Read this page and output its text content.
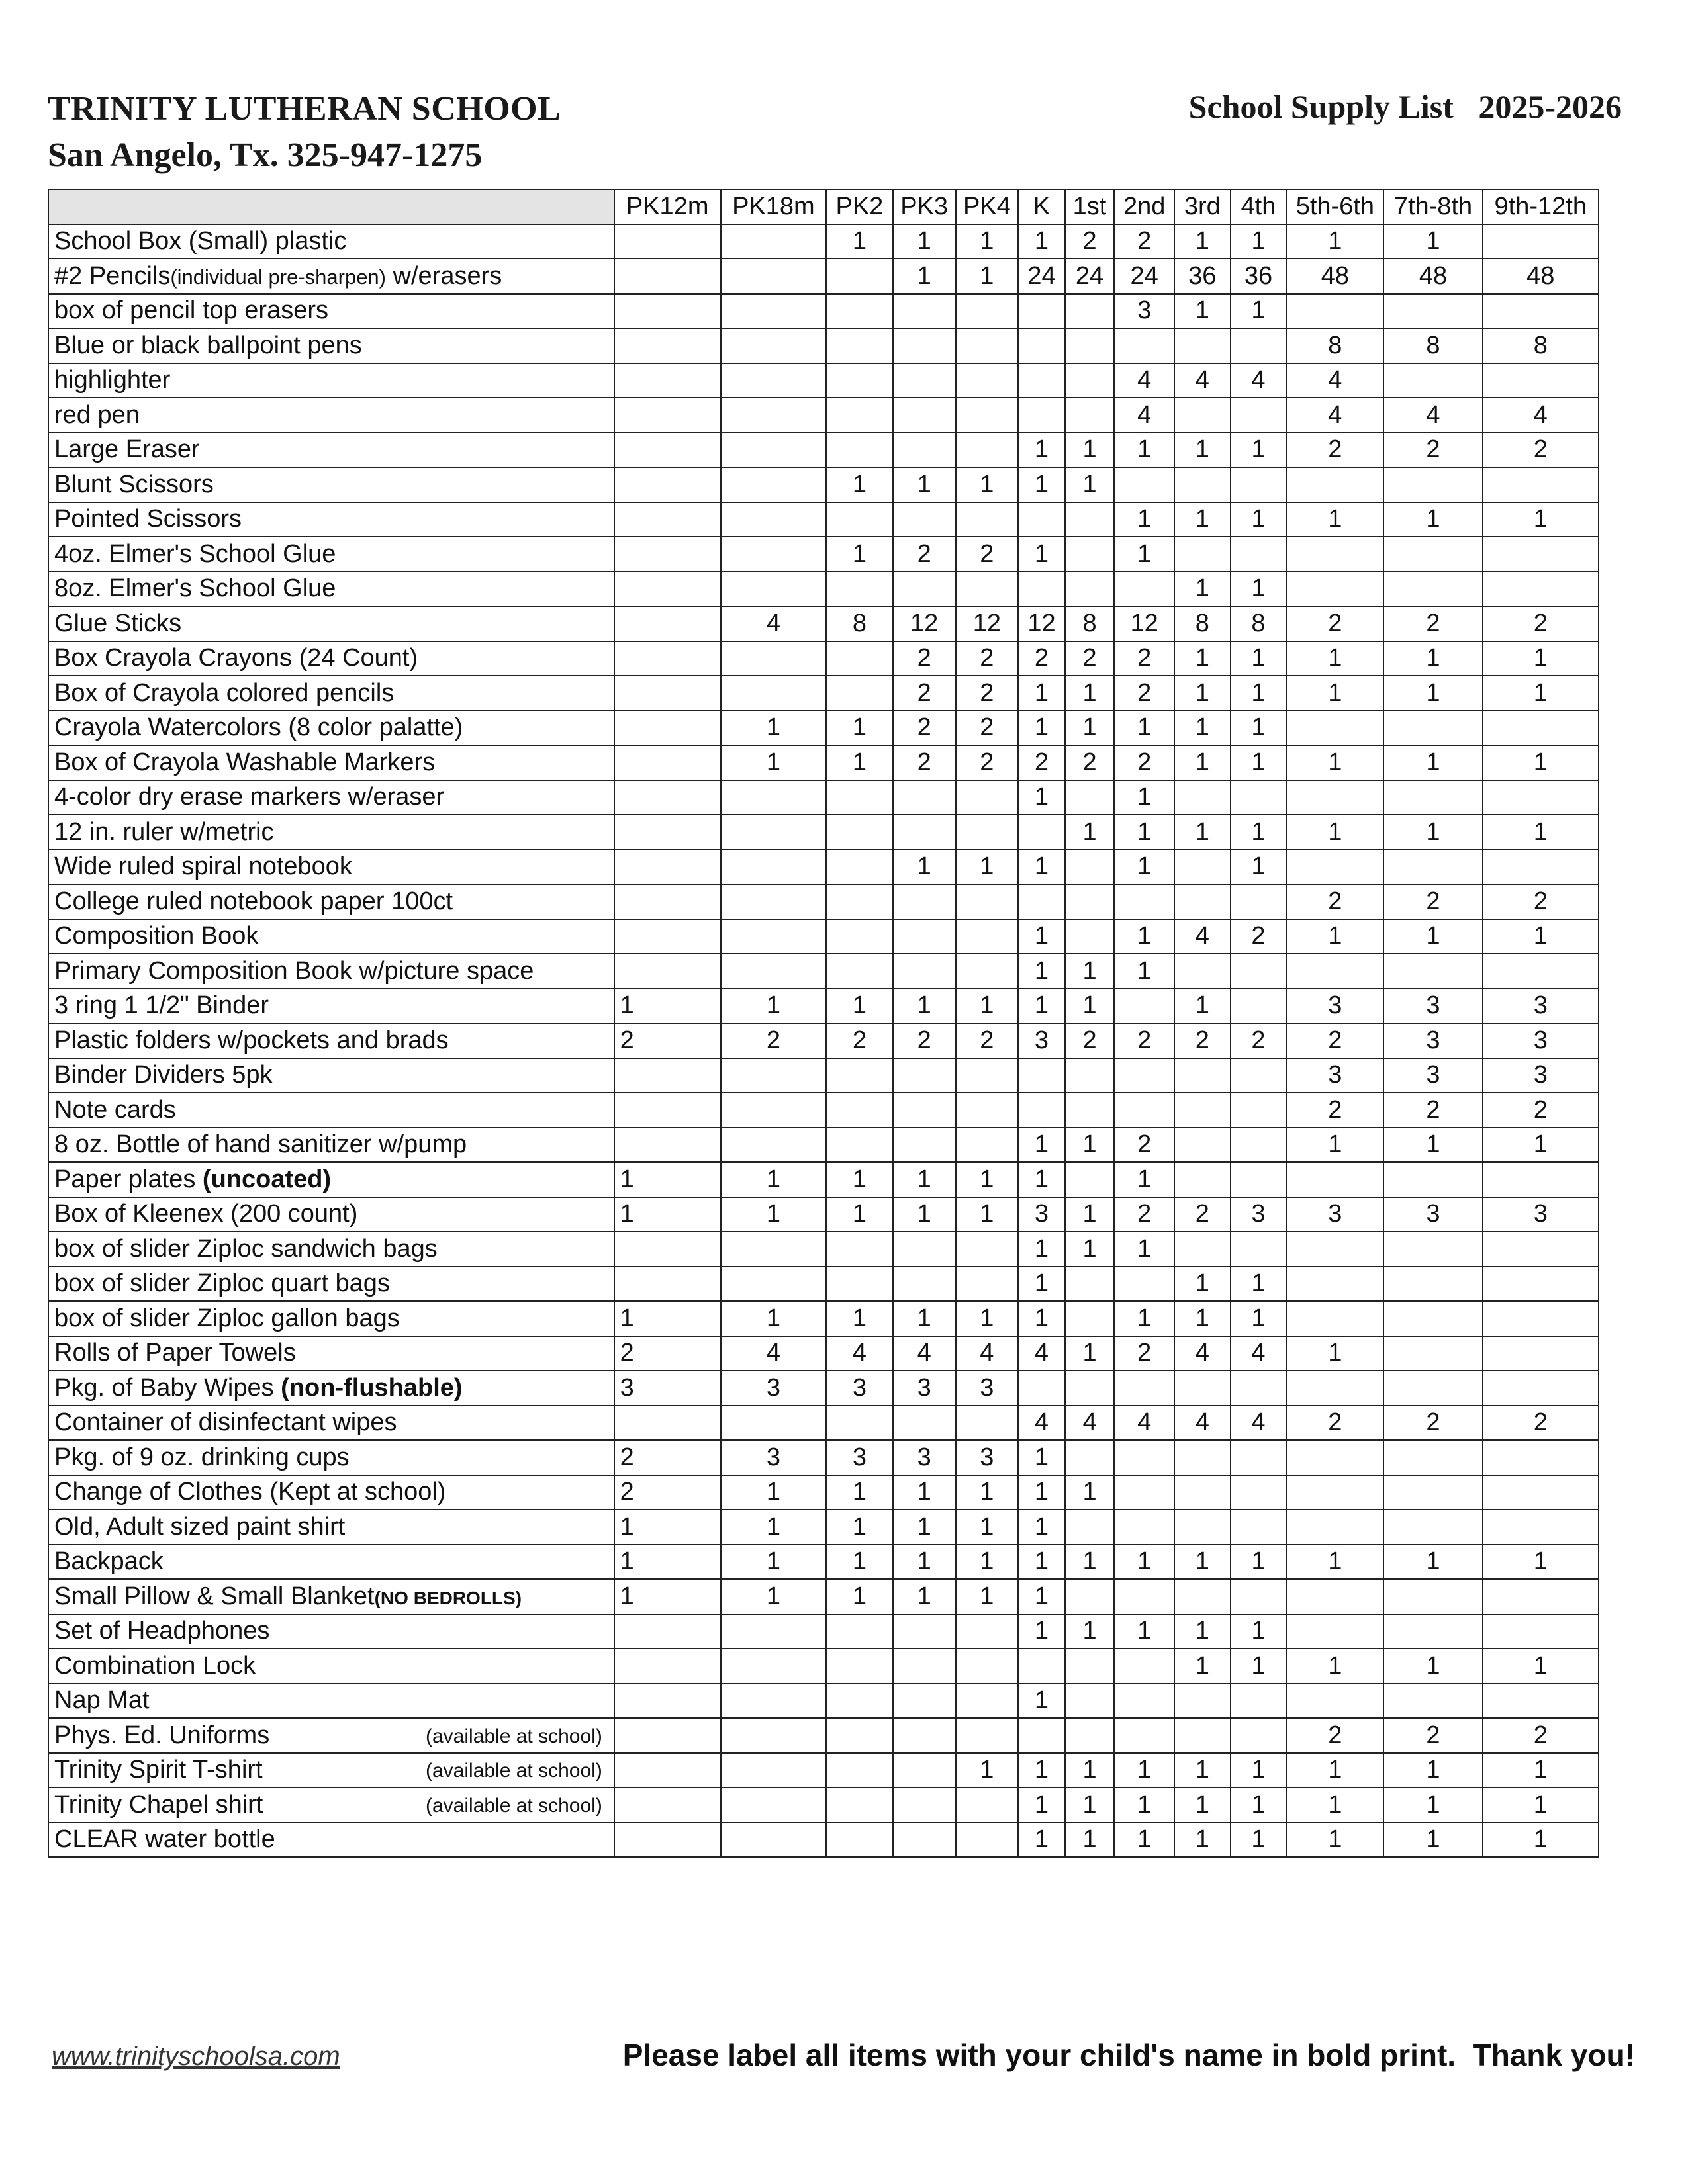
TRINITY LUTHERAN SCHOOL
San Angelo, Tx. 325-947-1275
School Supply List 2025-2026
	PK12m	PK18m	PK2	PK3	PK4	K	1st	2nd	3rd	4th	5th-6th	7th-8th	9th-12th
School Box (Small) plastic			1	1	1	1	2	2	1	1	1	1	
#2 Pencils(individual pre-sharpen) w/erasers				1	1	24	24	24	36	36	48	48	48
box of pencil top erasers								3	1	1			
Blue or black ballpoint pens											8	8	8
highlighter								4	4	4	4		
red pen								4			4	4	4
Large Eraser						1	1	1	1	1	2	2	2
Blunt Scissors			1	1	1	1	1						
Pointed Scissors								1	1	1	1	1	1
4oz. Elmer's School Glue			1	2	2	1		1					
8oz. Elmer's School Glue									1	1			
Glue Sticks		4	8	12	12	12	8	12	8	8	2	2	2
Box Crayola Crayons (24 Count)				2	2	2	2	2	1	1	1	1	1
Box of Crayola colored pencils				2	2	1	1	2	1	1	1	1	1
Crayola Watercolors (8 color palatte)		1	1	2	2	1	1	1	1	1			
Box of Crayola Washable Markers		1	1	2	2	2	2	2	1	1	1	1	1
4-color dry erase markers w/eraser						1		1					
12 in. ruler w/metric							1	1	1	1	1	1	1
Wide ruled spiral notebook				1	1	1		1		1			
College ruled notebook paper 100ct											2	2	2
Composition Book						1		1	4	2	1	1	1
Primary Composition Book w/picture space						1	1	1					
3 ring 1 1/2" Binder	1	1	1	1	1	1	1		1		3	3	3
Plastic folders w/pockets and brads	2	2	2	2	2	3	2	2	2	2	2	3	3
Binder Dividers 5pk											3	3	3
Note cards											2	2	2
8 oz. Bottle of hand sanitizer w/pump						1	1	2			1	1	1
Paper plates (uncoated)	1	1	1	1	1	1		1					
Box of Kleenex (200 count)	1	1	1	1	1	3	1	2	2	3	3	3	3
box of slider Ziploc sandwich bags						1	1	1					
box of slider Ziploc quart bags						1			1	1			
box of slider Ziploc gallon bags	1	1	1	1	1	1		1	1	1			
Rolls of Paper Towels	2	4	4	4	4	4	1	2	4	4	1		
Pkg. of Baby Wipes (non-flushable)	3	3	3	3	3								
Container of disinfectant wipes						4	4	4	4	4	2	2	2
Pkg. of 9 oz. drinking cups	2	3	3	3	3	1							
Change of Clothes (Kept at school)	2	1	1	1	1	1	1						
Old, Adult sized paint shirt	1	1	1	1	1	1							
Backpack	1	1	1	1	1	1	1	1	1	1	1	1	1
Small Pillow & Small Blanket(NO BEDROLLS)	1	1	1	1	1	1							
Set of Headphones						1	1	1	1	1			
Combination Lock									1	1	1	1	1
Nap Mat						1							
Phys. Ed. Uniforms (available at school)											2	2	2
Trinity Spirit T-shirt (available at school)					1	1	1	1	1	1	1	1	1
Trinity Chapel shirt (available at school)						1	1	1	1	1	1	1	1
CLEAR water bottle						1	1	1	1	1	1	1	1
www.trinityschoolsa.com	Please label all items with your child's name in bold print.  Thank you!
